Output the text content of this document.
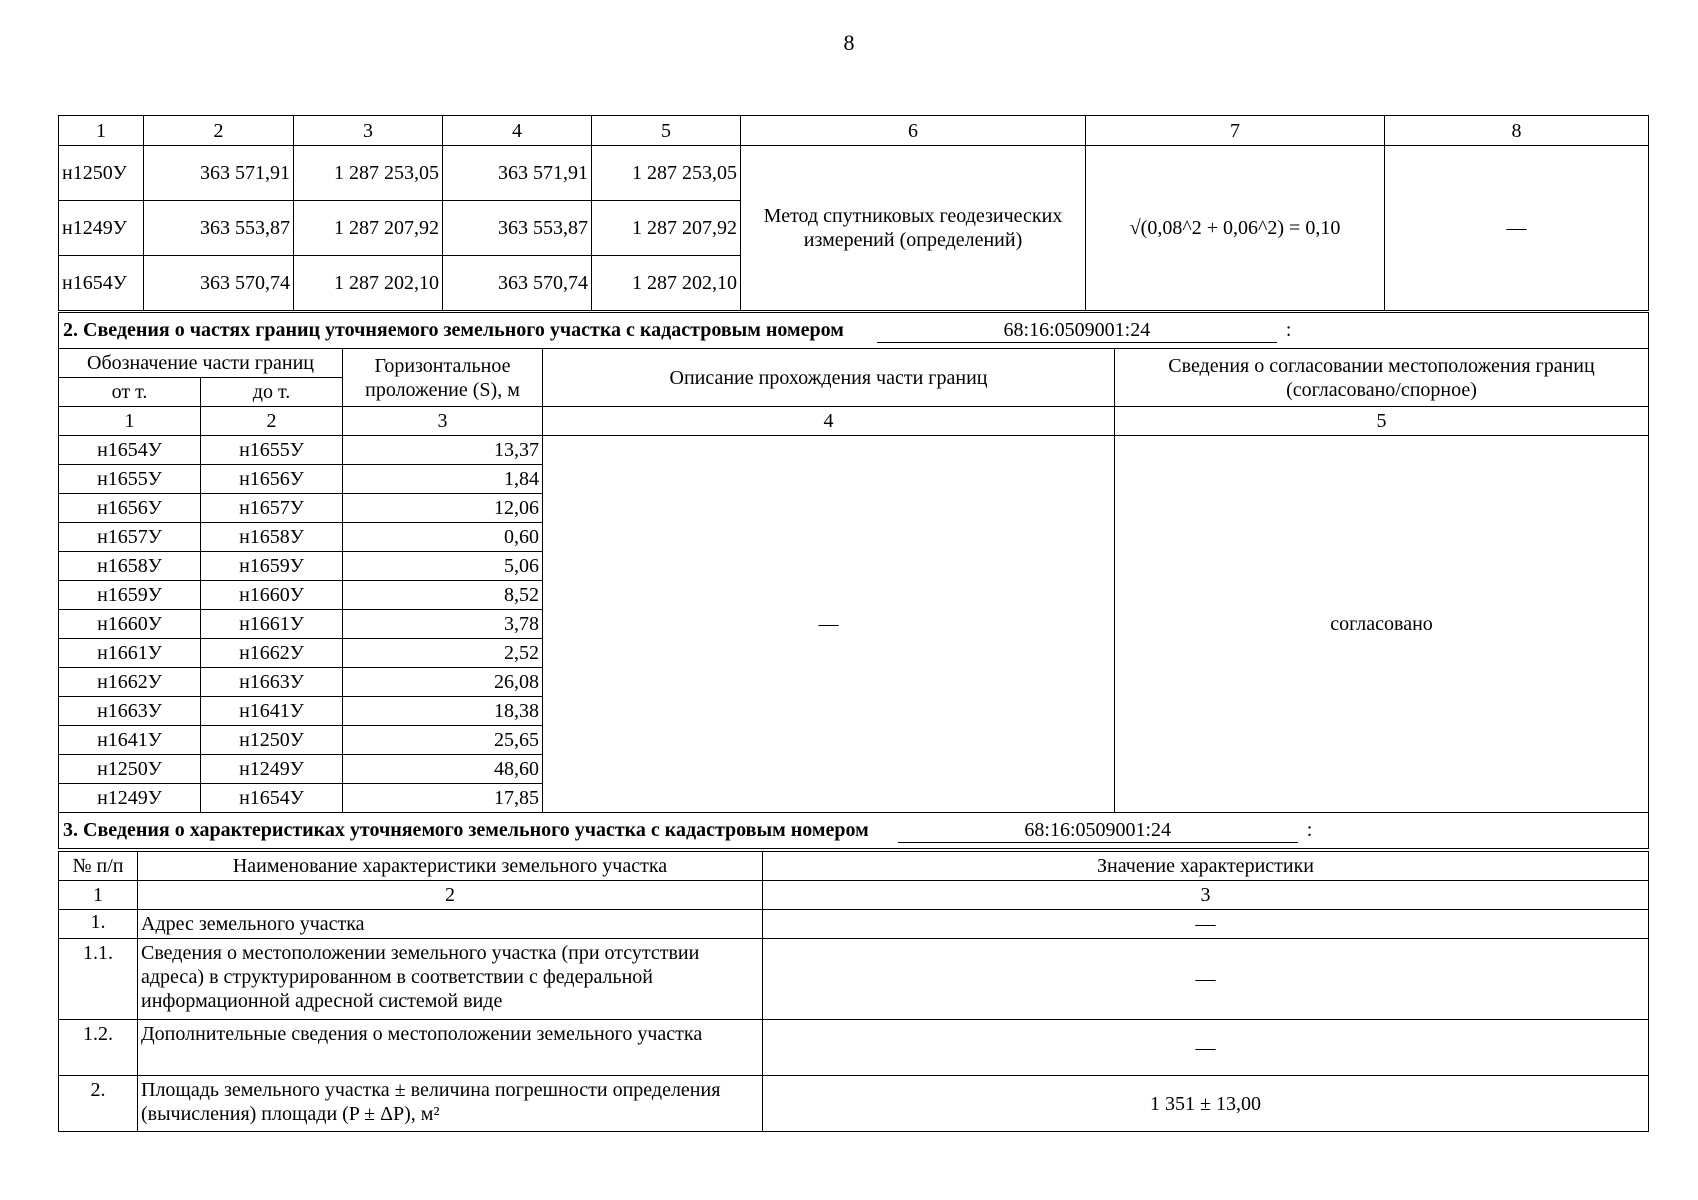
8
1	2	3	4	5	6	7	8
н1250У	363 571,91	1 287 253,05	363 571,91	1 287 253,05	Метод спутниковых геодезических измерений (определений)	√(0,08^2 + 0,06^2) = 0,10	—
н1249У	363 553,87	1 287 207,92	363 553,87	1 287 207,92			
н1654У	363 570,74	1 287 202,10	363 570,74	1 287 202,10			
2. Сведения о частях границ уточняемого земельного участка с кадастровым номером 68:16:0509001:24 :				
Обозначение части границ		Горизонтальное проложение (S), м	Описание прохождения части границ	Сведения о согласовании местоположения границ (согласовано/спорное)
от т.	до т.			
1	2	3	4	5
н1654У	н1655У	13,37	—	согласовано
н1655У	н1656У	1,84		
н1656У	н1657У	12,06		
н1657У	н1658У	0,60		
н1658У	н1659У	5,06		
н1659У	н1660У	8,52		
н1660У	н1661У	3,78		
н1661У	н1662У	2,52		
н1662У	н1663У	26,08		
н1663У	н1641У	18,38		
н1641У	н1250У	25,65		
н1250У	н1249У	48,60		
н1249У	н1654У	17,85		
3. Сведения о характеристиках уточняемого земельного участка с кадастровым номером 68:16:0509001:24 :				
№ п/п	Наименование характеристики земельного участка	Значение характеристики
1	2	3
1.	Адрес земельного участка	—
1.1.	Сведения о местоположении земельного участка (при отсутствии адреса) в структурированном в соответствии с федеральной информационной адресной системой виде	—
1.2.	Дополнительные сведения о местоположении земельного участка	—
2.	Площадь земельного участка ± величина погрешности определения (вычисления) площади (P ± ΔP), м²	1 351 ± 13,00
